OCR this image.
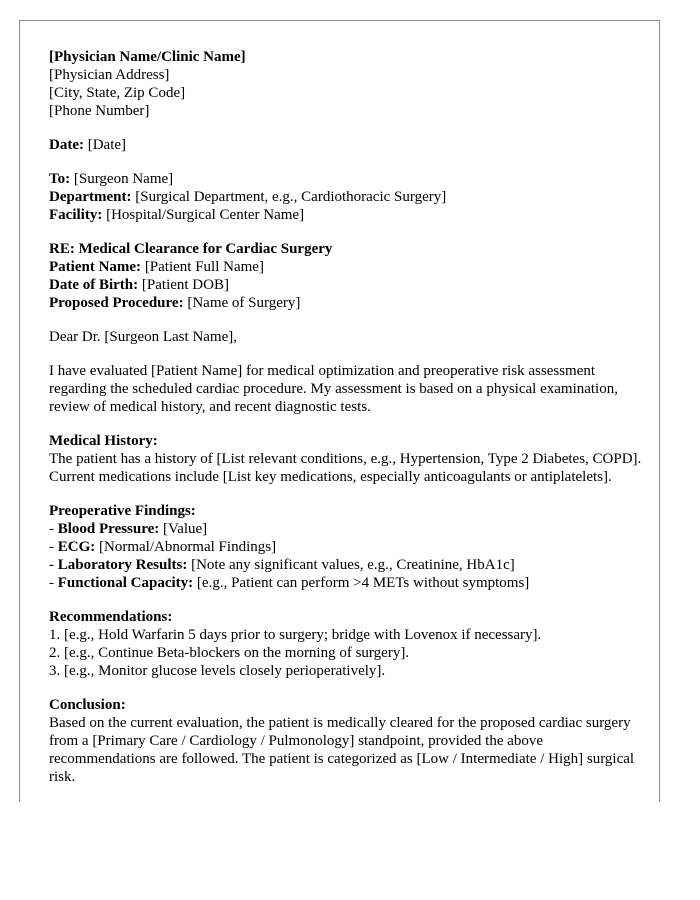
[Physician Name/Clinic Name]
[Physician Address]
[City, State, Zip Code]
[Phone Number]
Date: [Date]
To: [Surgeon Name]
Department: [Surgical Department, e.g., Cardiothoracic Surgery]
Facility: [Hospital/Surgical Center Name]
RE: Medical Clearance for Cardiac Surgery
Patient Name: [Patient Full Name]
Date of Birth: [Patient DOB]
Proposed Procedure: [Name of Surgery]
Dear Dr. [Surgeon Last Name],
I have evaluated [Patient Name] for medical optimization and preoperative risk assessment regarding the scheduled cardiac procedure. My assessment is based on a physical examination, review of medical history, and recent diagnostic tests.
Medical History:
The patient has a history of [List relevant conditions, e.g., Hypertension, Type 2 Diabetes, COPD]. Current medications include [List key medications, especially anticoagulants or antiplatelets].
Preoperative Findings:
- Blood Pressure: [Value]
- ECG: [Normal/Abnormal Findings]
- Laboratory Results: [Note any significant values, e.g., Creatinine, HbA1c]
- Functional Capacity: [e.g., Patient can perform >4 METs without symptoms]
Recommendations:
1. [e.g., Hold Warfarin 5 days prior to surgery; bridge with Lovenox if necessary].
2. [e.g., Continue Beta-blockers on the morning of surgery].
3. [e.g., Monitor glucose levels closely perioperatively].
Conclusion:
Based on the current evaluation, the patient is medically cleared for the proposed cardiac surgery from a [Primary Care / Cardiology / Pulmonology] standpoint, provided the above recommendations are followed. The patient is categorized as [Low / Intermediate / High] surgical risk.
